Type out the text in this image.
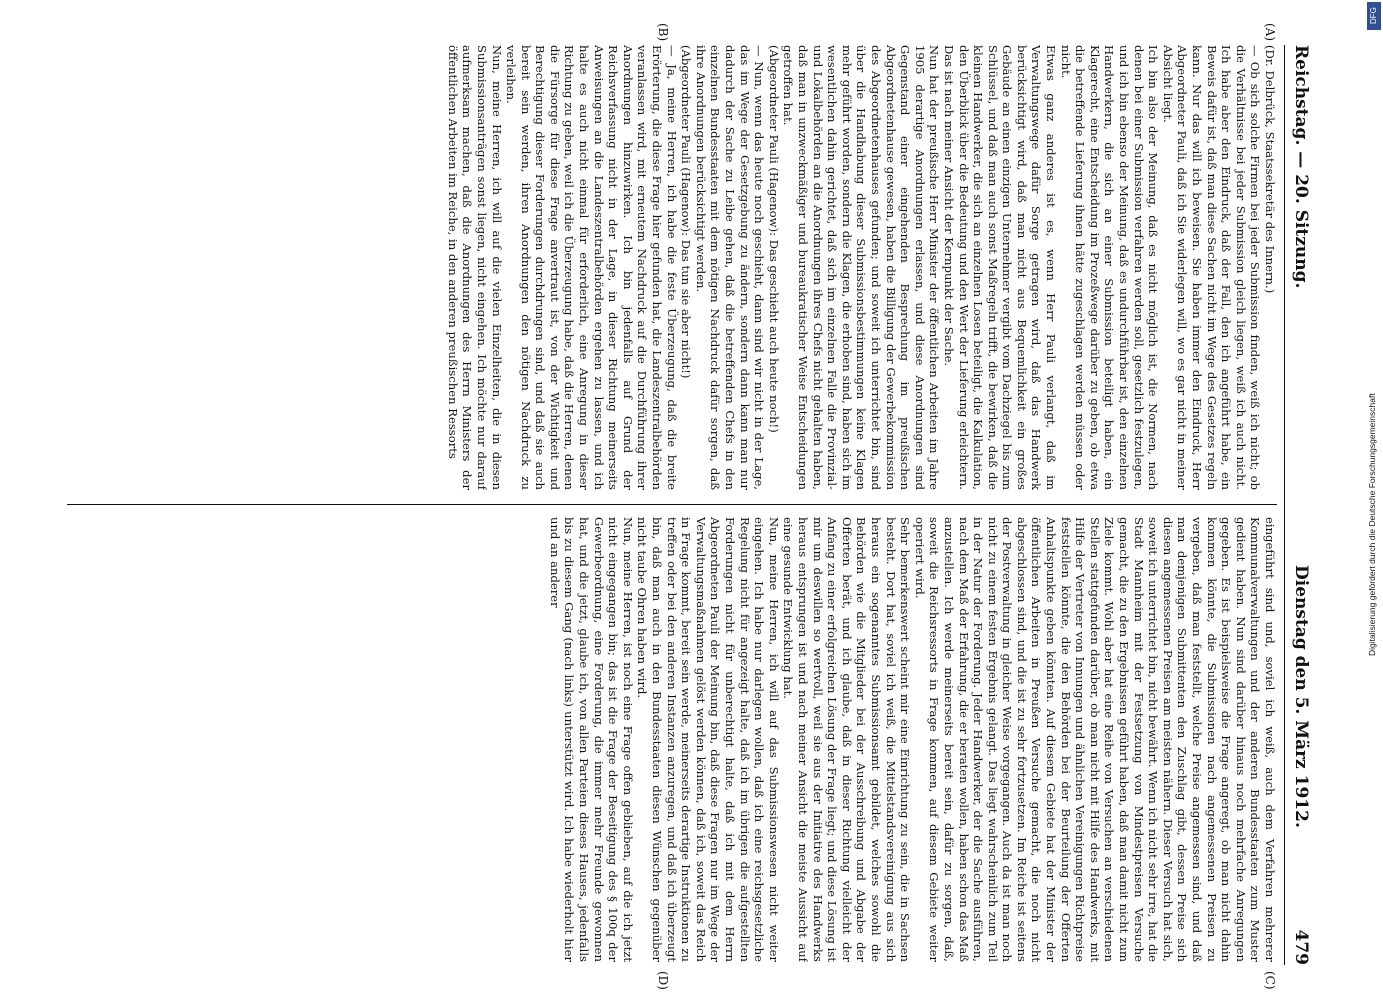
Reichstag. — 20. Sitzung.
Dienstag den 5. März 1912.
479
(A)
(B)
(C)
(D)
(Dr. Delbrück, Staatssekretär des Innern.)
— Ob sich solche Firmen bei jeder Submission finden, weiß ich nicht; ob die Verhältnisse bei jeder Submission gleich liegen, weiß ich auch nicht. Ich habe aber den Eindruck, daß der Fall, den ich angeführt habe, ein Beweis dafür ist, daß man diese Sachen nicht im Wege des Gesetzes regeln kann. Nur das will ich beweisen. Sie haben immer den Eindruck, Herr Abgeordneter Pauli, daß ich Sie widerlegen will, wo es gar nicht in meiner Absicht liegt.
Ich bin also der Meinung, daß es nicht möglich ist, die Normen, nach denen bei einer Submission verfahren werden soll, gesetzlich festzulegen, und ich bin ebenso der Meinung, daß es undurchführbar ist, den einzelnen Handwerkern, die sich an einer Submission beteiligt haben, ein Klagerecht, eine Entscheidung im Prozeßwege darüber zu geben, ob etwa die betreffende Lieferung ihnen hätte zugeschlagen werden müssen oder nicht.
Etwas ganz anderes ist es, wenn Herr Pauli verlangt, daß im Verwaltungswege dafür Sorge getragen wird, daß das Handwerk berücksichtigt wird, daß man nicht aus Bequemlichkeit ein großes Gebäude an einen einzigen Unternehmer vergibt vom Dachziegel bis zum Schlüssel, und daß man auch sonst Maßregeln trifft, die bewirken, daß die kleinen Handwerker, die sich an einzelnen Losen beteiligt, die Kalkulation, den Überblick über die Bedeutung und den Wert der Lieferung erleichtern. Das ist nach meiner Ansicht der Kernpunkt der Sache.
Nun hat der preußische Herr Minister der öffentlichen Arbeiten im Jahre 1905 derartige Anordnungen erlassen, und diese Anordnungen sind Gegenstand einer eingehenden Besprechung im preußischen Abgeordnetenhause gewesen, haben die Billigung der Gewerbekommission des Abgeordnetenhauses gefunden; und soweit ich unterrichtet bin, sind über die Handhabung dieser Submissionsbestimmungen keine Klagen mehr geführt worden, sondern die Klagen, die erhoben sind, haben sich im wesentlichen dahin gerichtet, daß sich im einzelnen Falle die Provinzial- und Lokalbehörden an die Anordnungen ihres Chefs nicht gehalten haben, daß man in unzweckmäßiger und bureaukratischer Weise Entscheidungen getroffen hat.
(Abgeordneter Pauli (Hagenow): Das geschieht auch heute noch!)
— Nun, wenn das heute noch geschieht, dann sind wir nicht in der Lage, das im Wege der Gesetzgebung zu ändern, sondern dann kann man nur dadurch der Sache zu Leibe gehen, daß die betreffenden Chefs in den einzelnen Bundesstaaten mit dem nötigen Nachdruck dafür sorgen, daß ihre Anordnungen berücksichtigt werden.
(Abgeordneter Pauli (Hagenow): Das tun sie aber nicht!)
— Ja, meine Herren, ich habe die feste Überzeugung, daß die breite Erörterung, die diese Frage hier gefunden hat, die Landeszentralbehörden veranlassen wird, mit erneutem Nachdruck auf die Durchführung ihrer Anordnungen hinzuwirken. Ich bin jedenfalls auf Grund der Reichsverfassung nicht in der Lage, in dieser Richtung meinerseits Anweisungen an die Landeszentralbehörden ergehen zu lassen, und ich halte es auch nicht einmal für erforderlich, eine Anregung in dieser Richtung zu geben, weil ich die Überzeugung habe, daß die Herren, denen die Fürsorge für diese Frage anvertraut ist, von der Wichtigkeit und Berechtigung dieser Forderungen durchdrungen sind, und daß sie auch bereit sein werden, ihren Anordnungen den nötigen Nachdruck zu verleihen.
Nun, meine Herren, ich will auf die vielen Einzelheiten, die in diesen Submissionsanträgen sonst liegen, nicht eingehen. Ich möchte nur darauf aufmerksam machen, daß die Anordnungen des Herrn Ministers der öffentlichen Arbeiten im Reiche, in den anderen preußischen Ressorts
eingeführt sind und, soviel ich weiß, auch dem Verfahren mehrerer Kommunalverwaltungen und der anderen Bundesstaaten zum Muster gedient haben. Nun sind darüber hinaus noch mehrfache Anregungen gegeben. Es ist beispielsweise die Frage angeregt, ob man nicht dahin kommen könnte, die Submissionen nach angemessenen Preisen zu vergeben, daß man feststellt, welche Preise angemessen sind, und daß man demjenigen Submittenten den Zuschlag gibt, dessen Preise sich diesen angemessenen Preisen am meisten nähern. Dieser Versuch hat sich, soweit ich unterrichtet bin, nicht bewährt. Wenn ich nicht sehr irre, hat die Stadt Mannheim mit der Festsetzung von Mindestpreisen Versuche gemacht, die zu den Ergebnissen geführt haben, daß man damit nicht zum Ziele kommt. Wohl aber hat eine Reihe von Versuchen an verschiedenen Stellen stattgefunden darüber, ob man nicht mit Hilfe des Handwerks, mit Hilfe der Vertreter von Innungen und ähnlichen Vereinigungen Richtpreise feststellen könnte, die den Behörden bei der Beurteilung der Offerten Anhaltspunkte geben könnten. Auf diesem Gebiete hat der Minister der öffentlichen Arbeiten in Preußen Versuche gemacht, die noch nicht abgeschlossen sind, und die ist zu sehr fortzusetzen. Im Reiche ist seitens der Postverwaltung in gleicher Weise vorgegangen. Auch da ist man noch nicht zu einem festen Ergebnis gelangt. Das liegt wahrscheinlich zum Teil in der Natur der Forderung. Jeder Handwerker, der die Sache ausführen, nach dem Maß der Erfahrung, die er beraten wollen, haben schon das Maß anzustellen. Ich werde meinerseits bereit sein, dafür zu sorgen, daß, soweit die Reichsressorts in Frage kommen, auf diesem Gebiete weiter operiert wird.
Sehr bemerkenswert scheint mir eine Einrichtung zu sein, die in Sachsen besteht. Dort hat, soviel ich weiß, die Mittelstandsvereinigung aus sich heraus ein sogenanntes Submissionsamt gebildet, welches sowohl die Behörden wie die Mitglieder bei der Ausschreibung und Abgabe der Offerten berät, und ich glaube, daß in dieser Richtung vielleicht der Anfang zu einer erfolgreichen Lösung der Frage liegt; und diese Lösung ist mir um deswillen so wertvoll, weil sie aus der Initiative des Handwerks heraus entsprungen ist und nach meiner Ansicht die meiste Aussicht auf eine gesunde Entwicklung hat.
Nun, meine Herren, ich will auf das Submissionswesen nicht weiter eingehen. Ich habe nur darlegen wollen, daß ich eine reichsgesetzliche Regelung nicht für angezeigt halte, daß ich im übrigen die aufgestellten Forderungen nicht für unberechtigt halte, daß ich mit dem Herrn Abgeordneten Pauli der Meinung bin, daß diese Fragen nur im Wege der Verwaltungsmaßnahmen gelöst werden können, daß ich, soweit das Reich in Frage kommt, bereit sein werde, meinerseits derartige Instruktionen zu treffen oder bei den anderen Instanzen anzuregen, und daß ich überzeugt bin, daß man auch in den Bundesstaaten diesen Wünschen gegenüber nicht taube Ohren haben wird.
Nun, meine Herren, ist noch eine Frage offen geblieben, auf die ich jetzt nicht eingegangen bin; das ist die Frage der Beseitigung des § 100q der Gewerbeordnung, eine Forderung, die immer mehr Freunde gewonnen hat, und die jetzt, glaube ich, von allen Parteien dieses Hauses, jedenfalls bis zu diesem Gang (nach links) unterstützt wird. Ich habe wiederholt hier und an anderer
DFG
Digitalisierung gefördert durch die Deutsche Forschungsgemeinschaft
